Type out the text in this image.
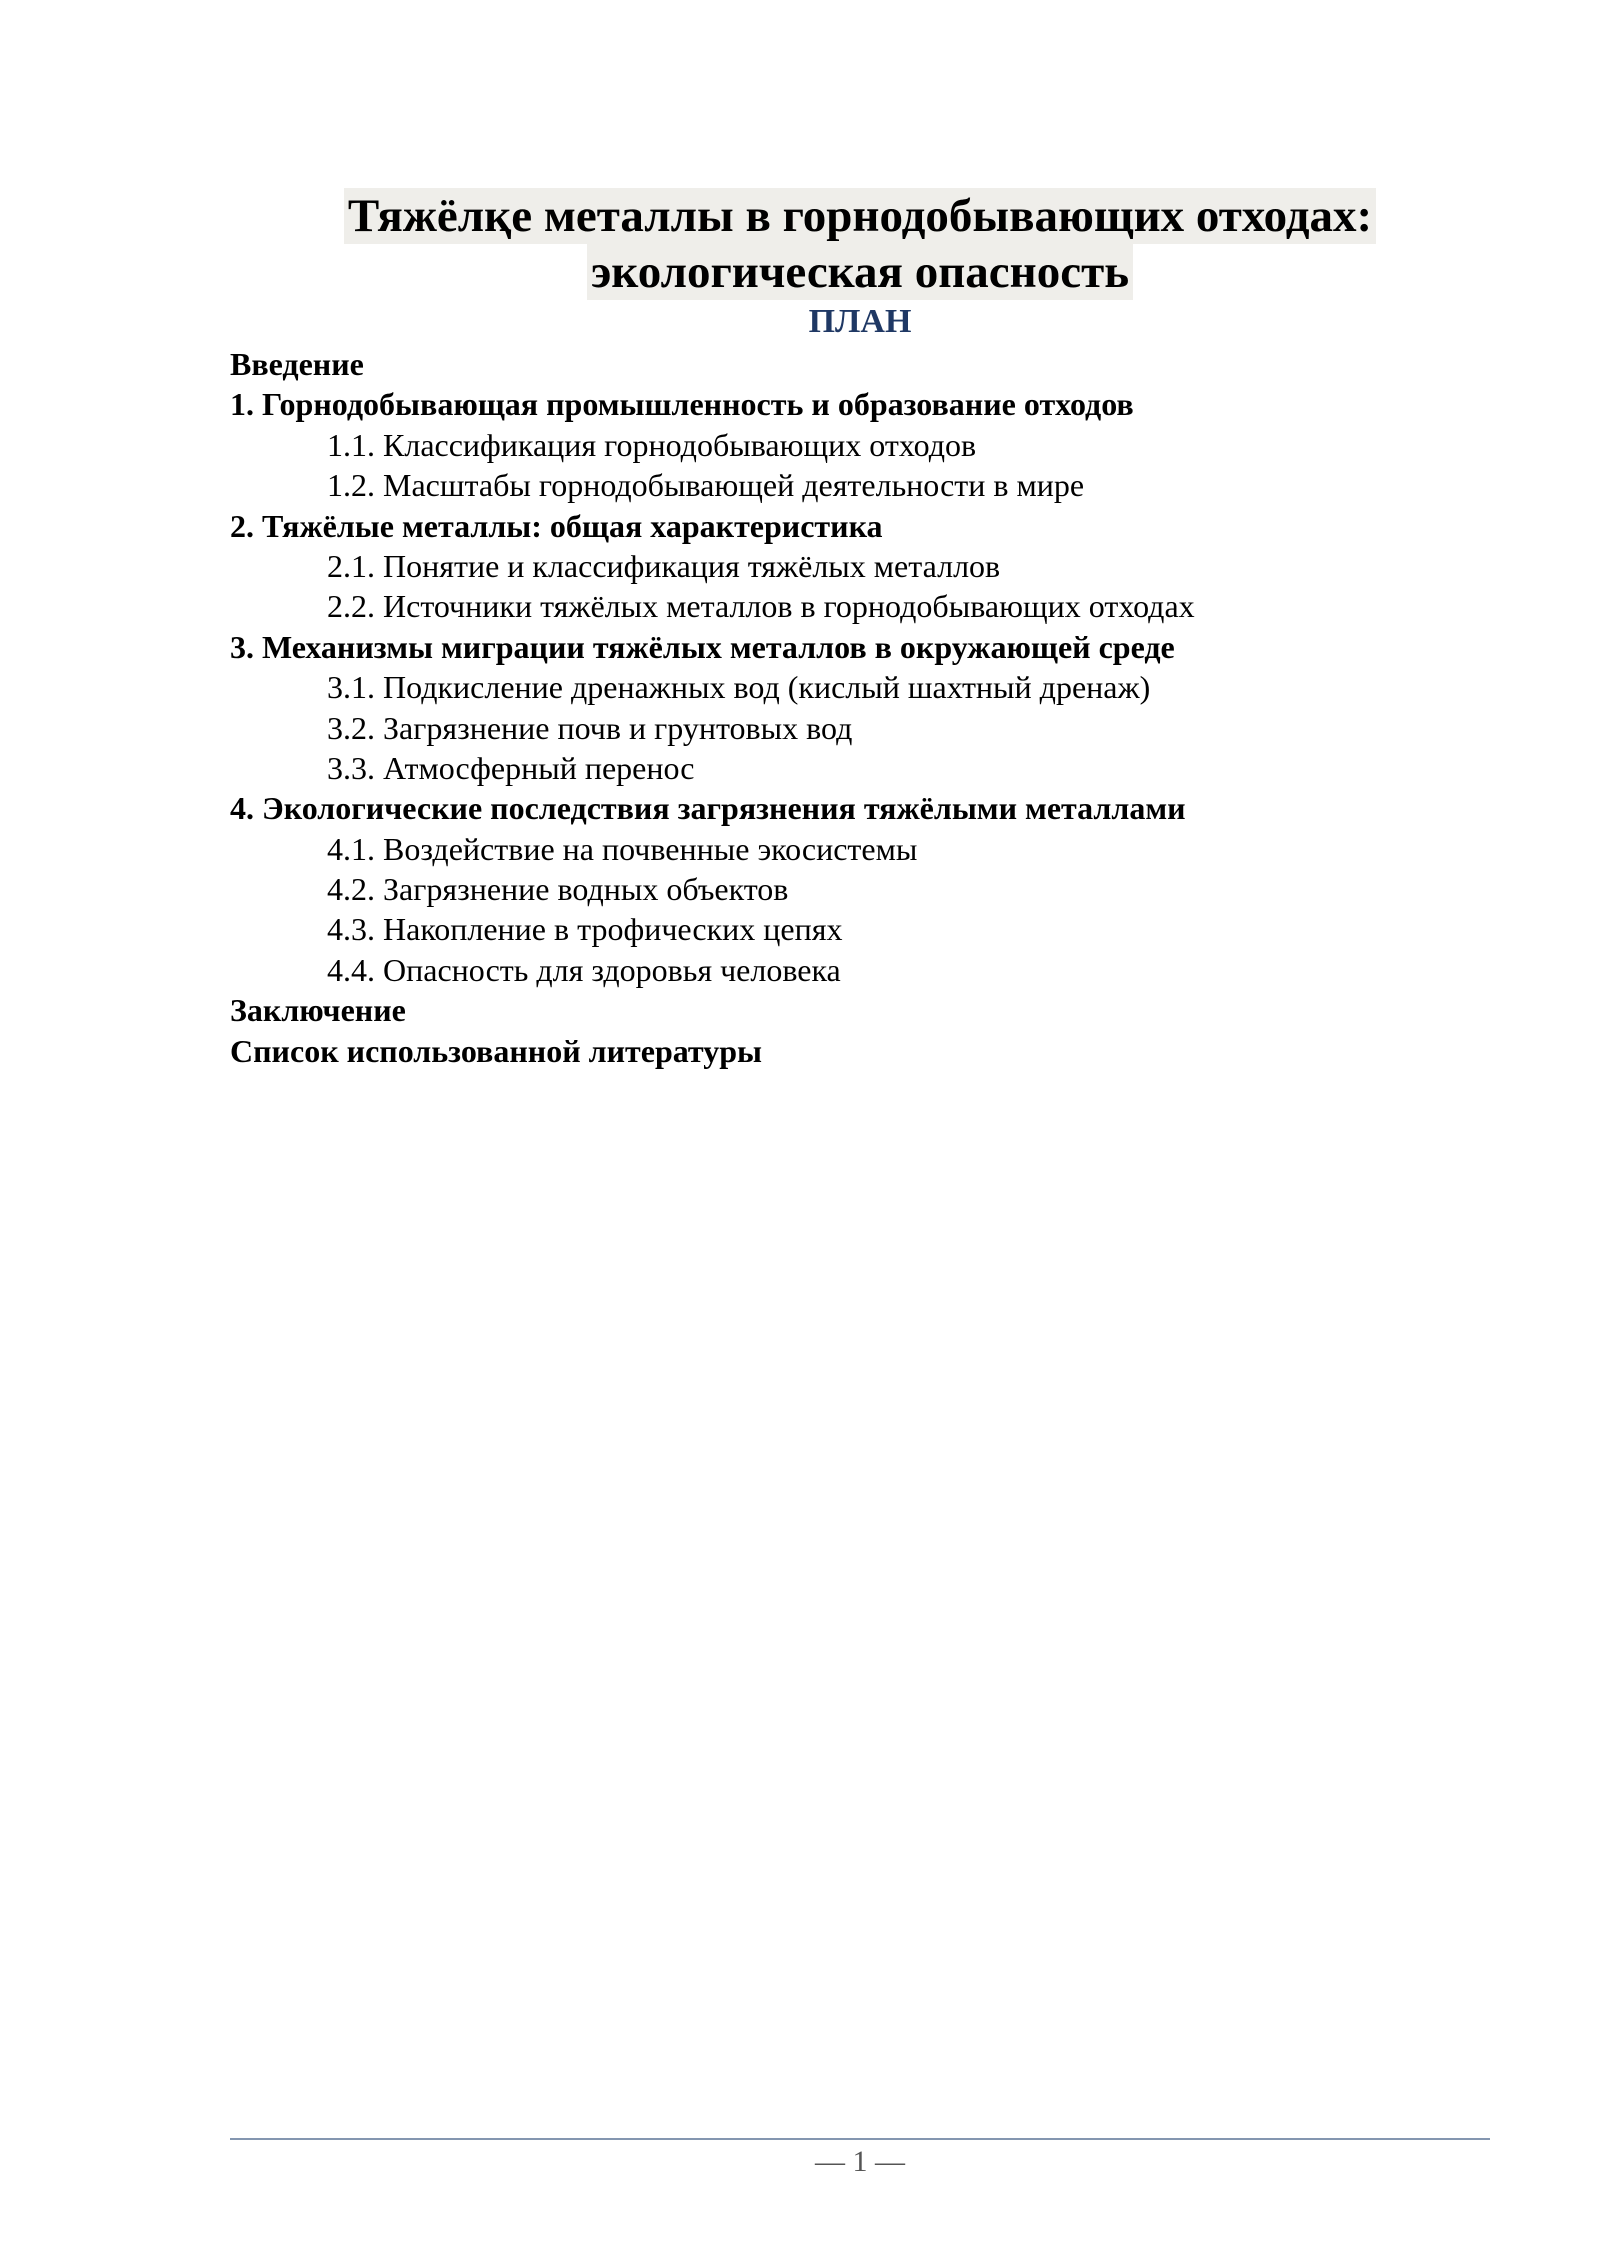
Тяжёлқе металлы в горнодобывающих отходах:
экологическая опасность
ПЛАН
Введение
1. Горнодобывающая промышленность и образование отходов
1.1. Классификация горнодобывающих отходов
1.2. Масштабы горнодобывающей деятельности в мире
2. Тяжёлые металлы: общая характеристика
2.1. Понятие и классификация тяжёлых металлов
2.2. Источники тяжёлых металлов в горнодобывающих отходах
3. Механизмы миграции тяжёлых металлов в окружающей среде
3.1. Подкисление дренажных вод (кислый шахтный дренаж)
3.2. Загрязнение почв и грунтовых вод
3.3. Атмосферный перенос
4. Экологические последствия загрязнения тяжёлыми металлами
4.1. Воздействие на почвенные экосистемы
4.2. Загрязнение водных объектов
4.3. Накопление в трофических цепях
4.4. Опасность для здоровья человека
Заключение
Список использованной литературы
— 1 —
